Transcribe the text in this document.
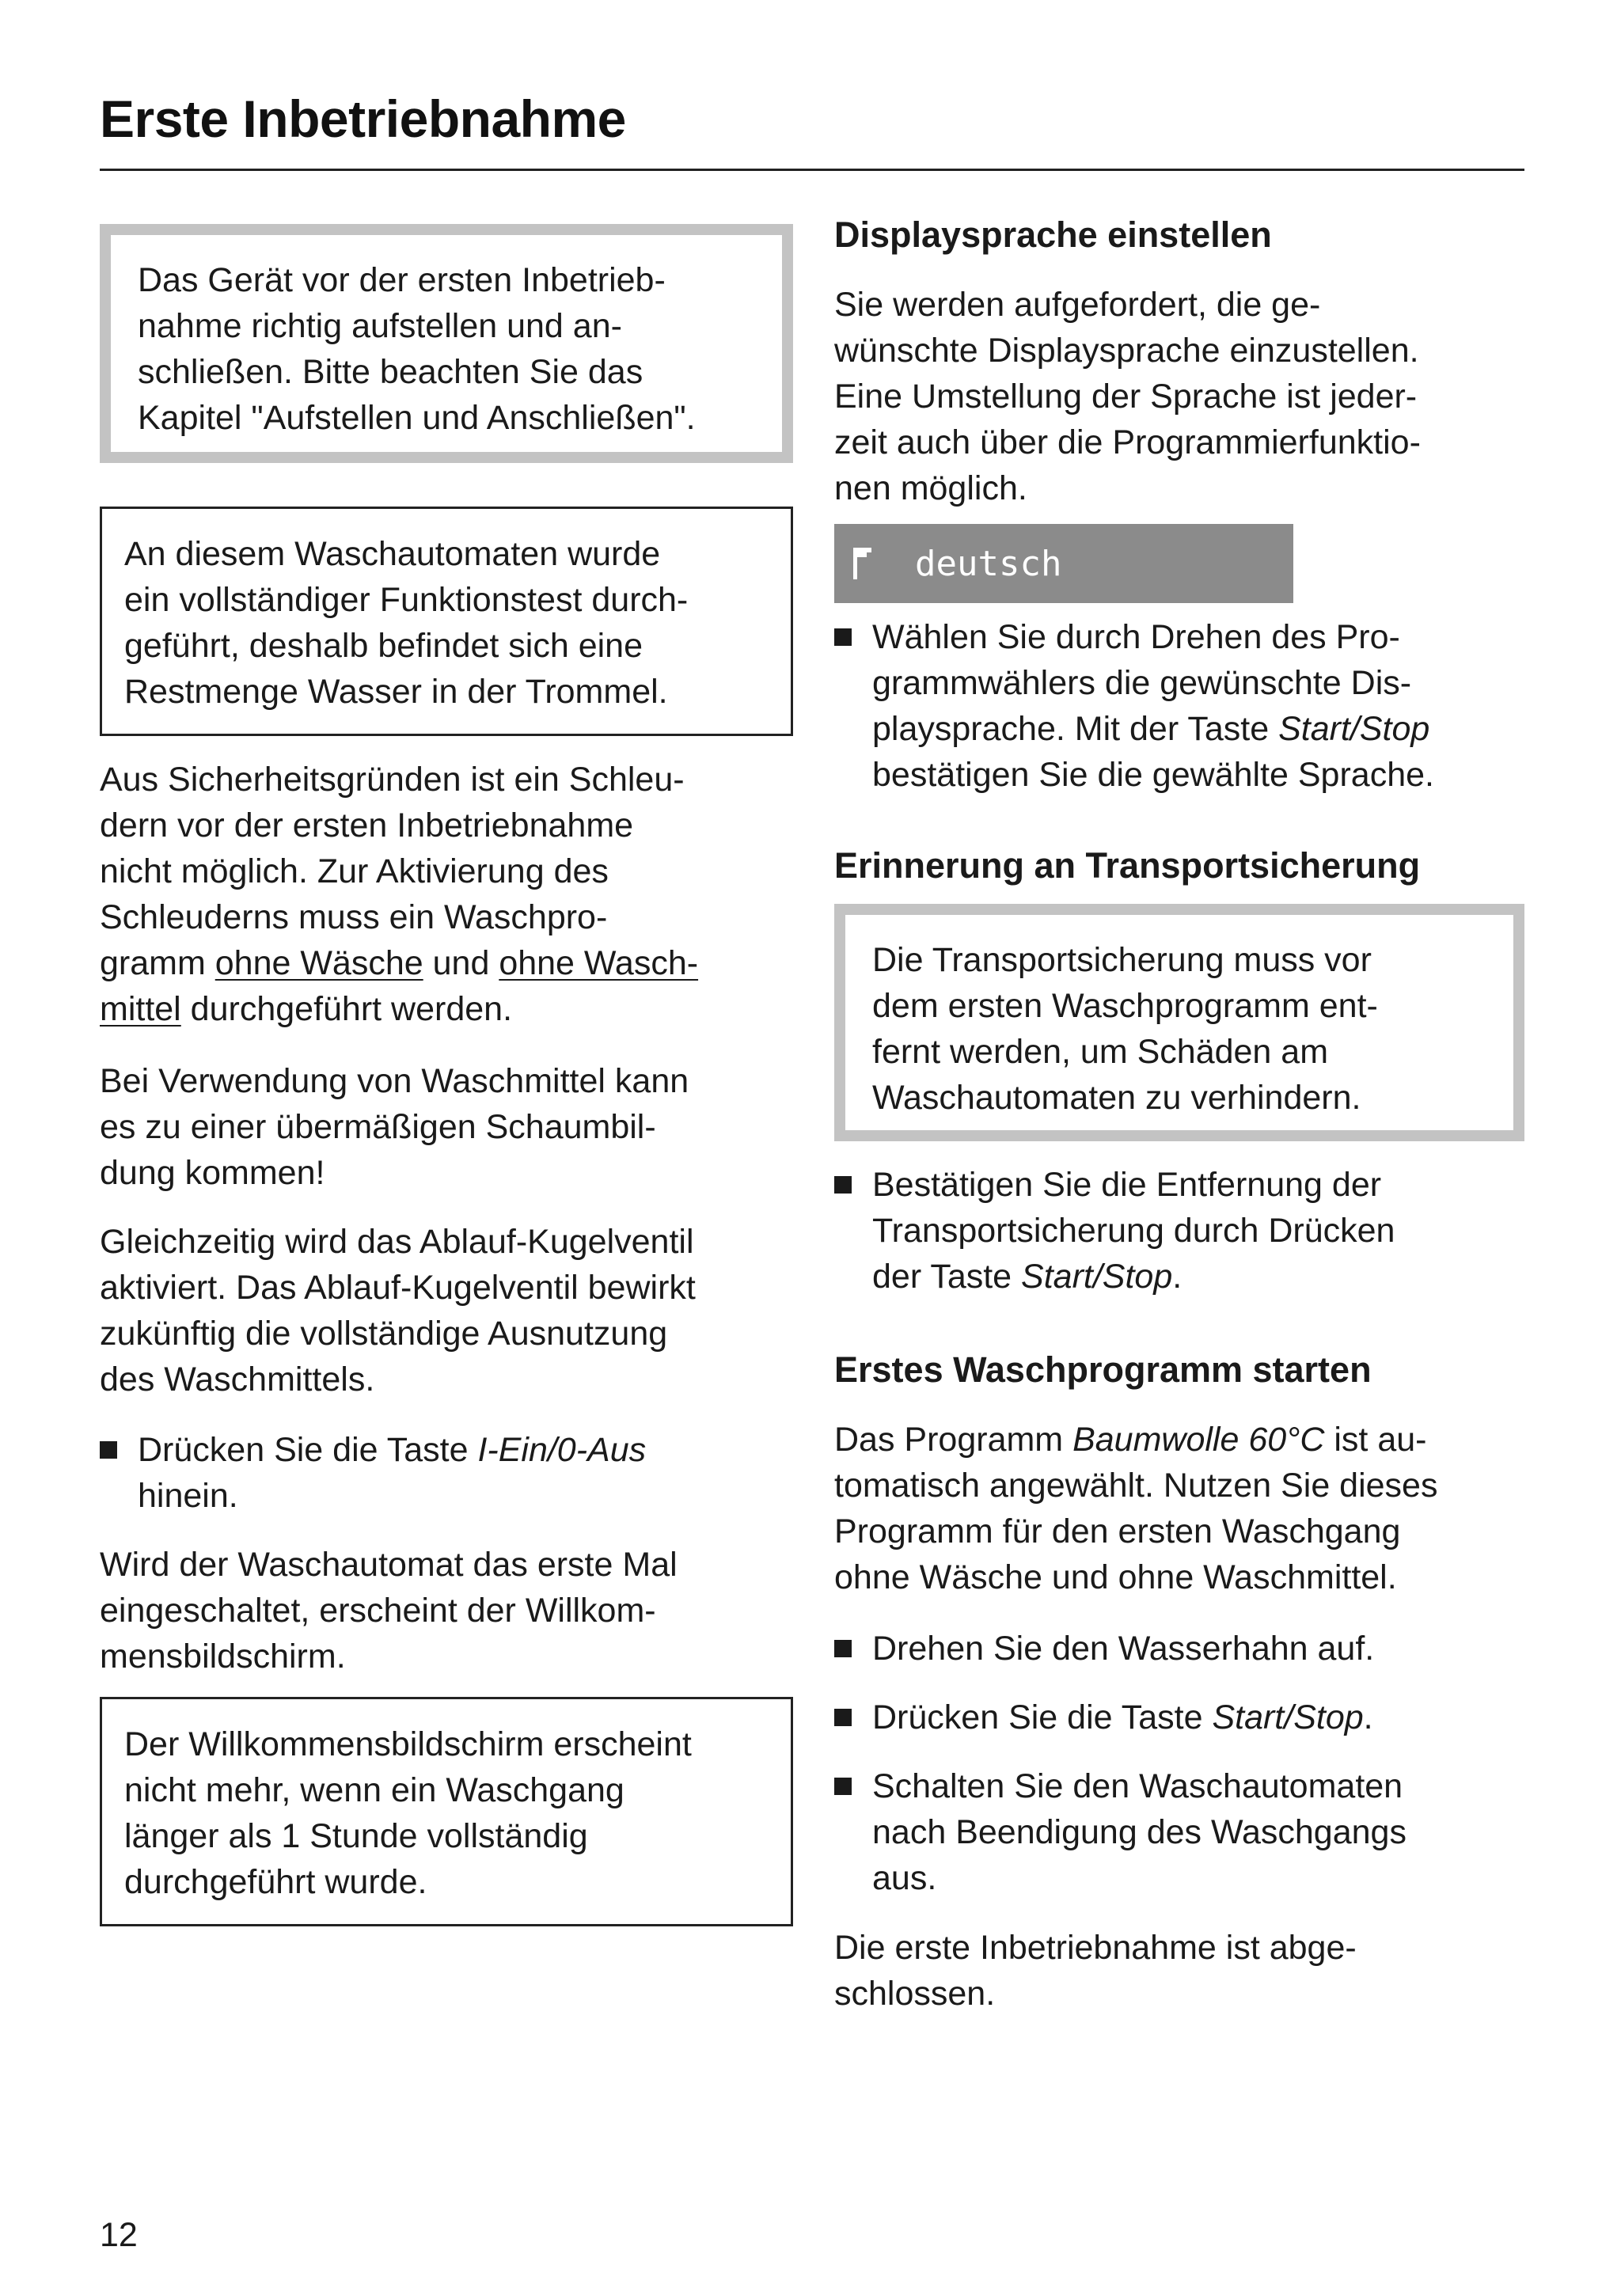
Erste Inbetriebnahme

Das Gerät vor der ersten Inbetrieb-

nahme richtig aufstellen und an-

schließen. Bitte beachten Sie das

Kapitel "Aufstellen und Anschließen".

An diesem Waschautomaten wurde

ein vollständiger Funktionstest durch-

geführt, deshalb befindet sich eine

Restmenge Wasser in der Trommel.

Aus Sicherheitsgründen ist ein Schleu-

dern vor der ersten Inbetriebnahme

nicht möglich. Zur Aktivierung des

Schleuderns muss ein Waschpro-

gramm ohne Wäsche und ohne Wasch-

mittel durchgeführt werden.

Bei Verwendung von Waschmittel kann

es zu einer übermäßigen Schaumbil-

dung kommen!

Gleichzeitig wird das Ablauf-Kugelventil

aktiviert. Das Ablauf-Kugelventil bewirkt

zukünftig die vollständige Ausnutzung

des Waschmittels.

Drücken Sie die Taste I-Ein/0-Aus

hinein.

Wird der Waschautomat das erste Mal

eingeschaltet, erscheint der Willkom-

mensbildschirm.

Der Willkommensbildschirm erscheint

nicht mehr, wenn ein Waschgang

länger als 1 Stunde vollständig

durchgeführt wurde.

Displaysprache einstellen

Sie werden aufgefordert, die ge-

wünschte Displaysprache einzustellen.

Eine Umstellung der Sprache ist jeder-

zeit auch über die Programmierfunktio-

nen möglich.

deutsch

Wählen Sie durch Drehen des Pro-

grammwählers die gewünschte Dis-

playsprache. Mit der Taste Start/Stop

bestätigen Sie die gewählte Sprache.

Erinnerung an Transportsicherung

Die Transportsicherung muss vor

dem ersten Waschprogramm ent-

fernt werden, um Schäden am

Waschautomaten zu verhindern.

Bestätigen Sie die Entfernung der

Transportsicherung durch Drücken

der Taste Start/Stop.

Erstes Waschprogramm starten

Das Programm Baumwolle 60°C ist au-

tomatisch angewählt. Nutzen Sie dieses

Programm für den ersten Waschgang

ohne Wäsche und ohne Waschmittel.

Drehen Sie den Wasserhahn auf.

Drücken Sie die Taste Start/Stop.

Schalten Sie den Waschautomaten

nach Beendigung des Waschgangs

aus.

Die erste Inbetriebnahme ist abge-

schlossen.

12
